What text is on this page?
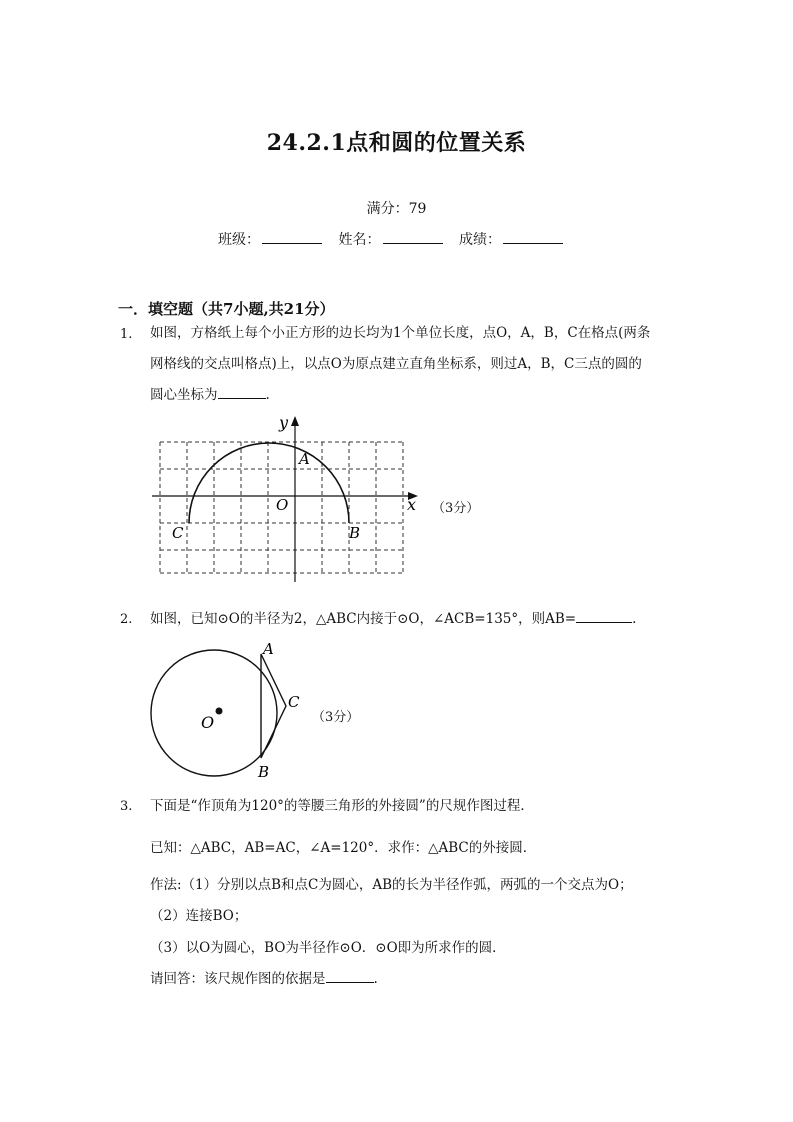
24.2.1点和圆的位置关系
满分：79
班级：	姓名：	成绩：
一．填空题（共7小题,共21分）
1. 如图，方格纸上每个小正方形的边长均为1个单位长度，点O，A，B，C在格点(两条
网格线的交点叫格点)上，以点O为原点建立直角坐标系，则过A，B，C三点的圆的
圆心坐标为	.
y
x
A
O
C	B
（3分）
2. 如图，已知⊙O的半径为2，△ABC内接于⊙O，∠ACB=135°，则AB=	.
A
C
O
B
（3分）
3. 下面是“作顶角为120°的等腰三角形的外接圆”的尺规作图过程．
已知：△ABC，AB=AC，∠A=120°．求作：△ABC的外接圆．
作法:（1）分别以点B和点C为圆心，AB的长为半径作弧，两弧的一个交点为O；
（2）连接BO；
（3）以O为圆心，BO为半径作⊙O．⊙O即为所求作的圆．
请回答：该尺规作图的依据是	.
